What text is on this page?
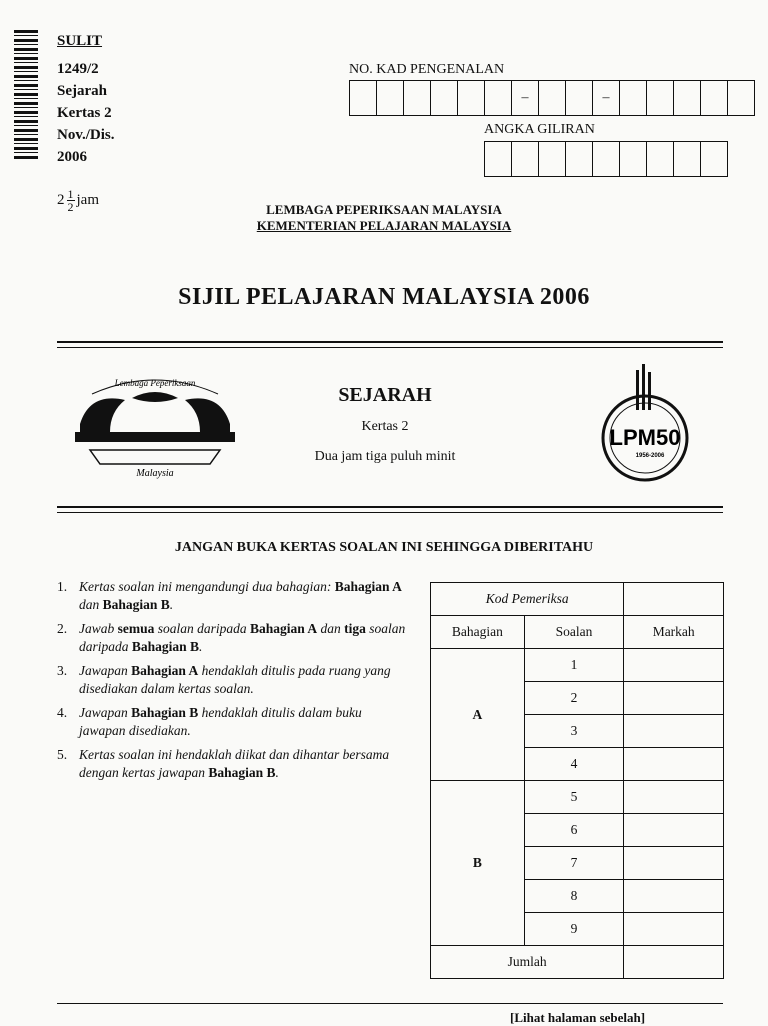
SULIT
1249/2
Sejarah
Kertas 2
Nov./Dis.
2006
$2 \frac{1}{2}$ jam
NO. KAD PENGENALAN
–	–
ANGKA GILIRAN
LEMBAGA PEPERIKSAAN MALAYSIA
KEMENTERIAN PELAJARAN MALAYSIA
SIJIL PELAJARAN MALAYSIA 2006
Lembaga Peperiksaan
Malaysia
SEJARAH
Kertas 2
Dua jam tiga puluh minit
LPM50
1956-2006
JANGAN BUKA KERTAS SOALAN INI SEHINGGA DIBERITAHU
1. Kertas soalan ini mengandungi dua bahagian: Bahagian A dan Bahagian B.
2. Jawab semua soalan daripada Bahagian A dan tiga soalan daripada Bahagian B.
3. Jawapan Bahagian A hendaklah ditulis pada ruang yang disediakan dalam kertas soalan.
4. Jawapan Bahagian B hendaklah ditulis dalam buku jawapan disediakan.
5. Kertas soalan ini hendaklah diikat dan dihantar bersama dengan kertas jawapan Bahagian B.
Kod Pemeriksa		
Bahagian	Soalan	Markah
A	1	
	2	
	3	
	4	
B	5	
	6	
	7	
	8	
	9	
Jumlah		
[Lihat halaman sebelah]
